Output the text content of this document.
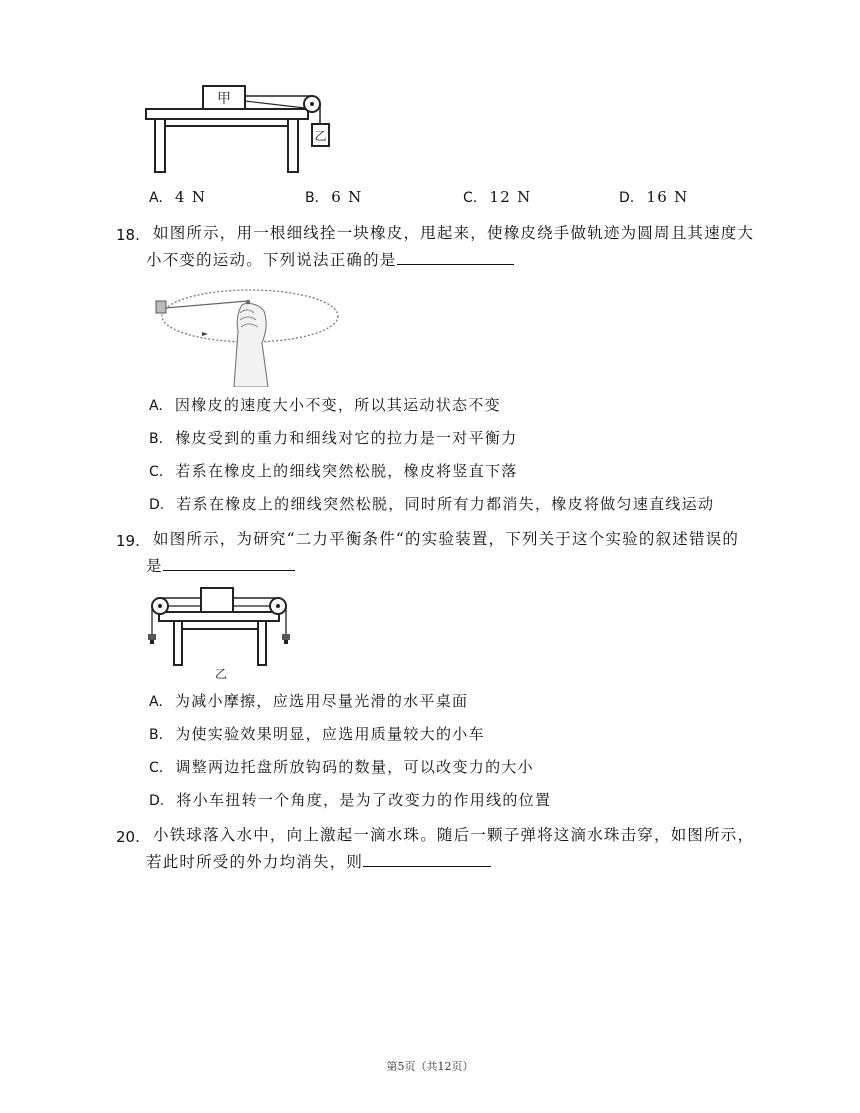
甲
乙
A. 4 N	B. 6 N	C. 12 N	D. 16 N
18. 如图所示，用一根细线拴一块橡皮，甩起来，使橡皮绕手做轨迹为圆周且其速度大
小不变的运动。下列说法正确的是
A. 因橡皮的速度大小不变，所以其运动状态不变
B. 橡皮受到的重力和细线对它的拉力是一对平衡力
C. 若系在橡皮上的细线突然松脱，橡皮将竖直下落
D. 若系在橡皮上的细线突然松脱，同时所有力都消失，橡皮将做匀速直线运动
19. 如图所示，为研究“二力平衡条件“的实验装置，下列关于这个实验的叙述错误的
是
乙
A. 为减小摩擦，应选用尽量光滑的水平桌面
B. 为使实验效果明显，应选用质量较大的小车
C. 调整两边托盘所放钩码的数量，可以改变力的大小
D. 将小车扭转一个角度，是为了改变力的作用线的位置
20. 小铁球落入水中，向上激起一滴水珠。随后一颗子弹将这滴水珠击穿，如图所示，
若此时所受的外力均消失，则
第5页（共12页）
